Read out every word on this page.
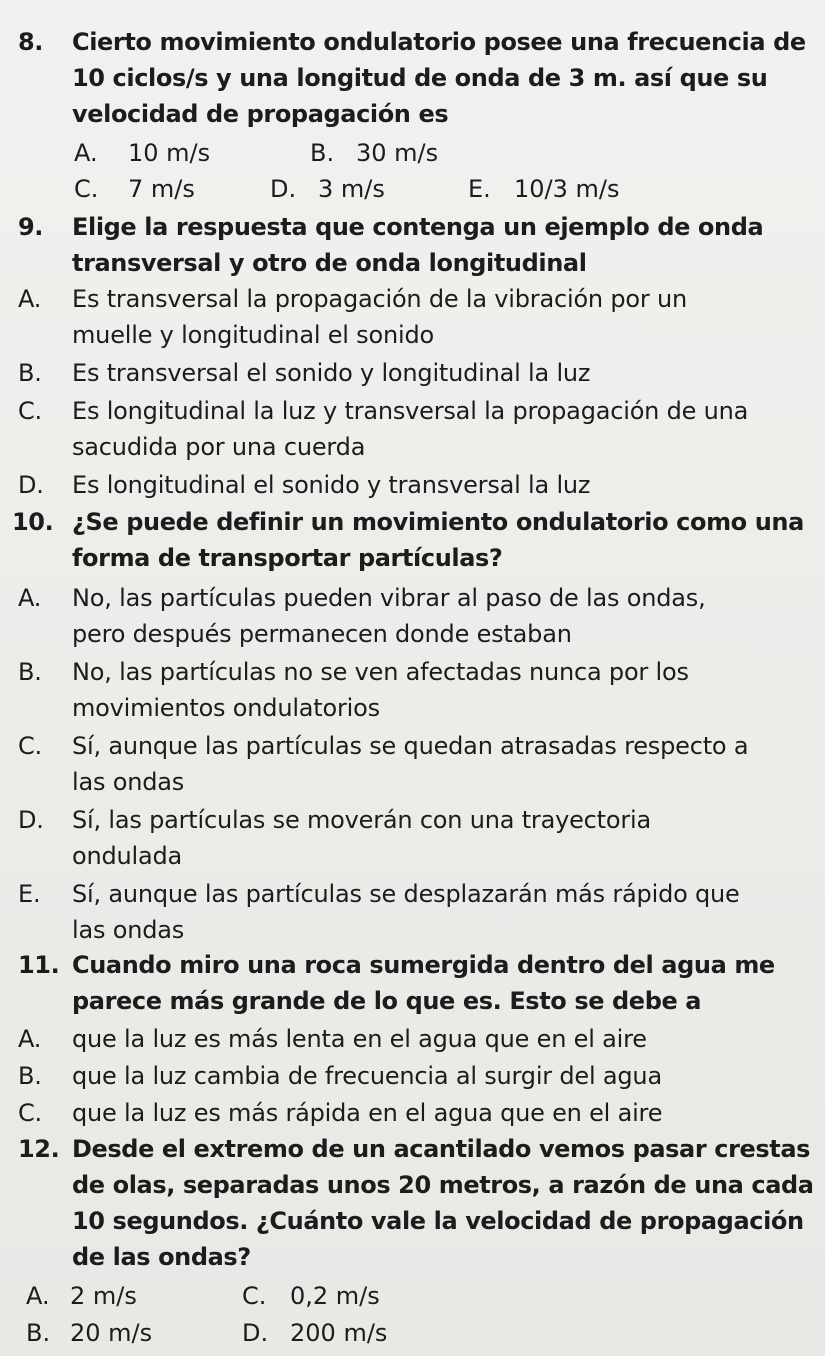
8. Cierto movimiento ondulatorio posee una frecuencia de
10 ciclos/s y una longitud de onda de 3 m. así que su
velocidad de propagación es
A. 10 m/s	B. 30 m/s
C. 7 m/s	D. 3 m/s	E. 10/3 m/s
9. Elige la respuesta que contenga un ejemplo de onda
transversal y otro de onda longitudinal
A. Es transversal la propagación de la vibración por un
muelle y longitudinal el sonido
B. Es transversal el sonido y longitudinal la luz
C. Es longitudinal la luz y transversal la propagación de una
sacudida por una cuerda
D. Es longitudinal el sonido y transversal la luz
10. ¿Se puede definir un movimiento ondulatorio como una
forma de transportar partículas?
A. No, las partículas pueden vibrar al paso de las ondas,
pero después permanecen donde estaban
B. No, las partículas no se ven afectadas nunca por los
movimientos ondulatorios
C. Sí, aunque las partículas se quedan atrasadas respecto a
las ondas
D. Sí, las partículas se moverán con una trayectoria
ondulada
E. Sí, aunque las partículas se desplazarán más rápido que
las ondas
11. Cuando miro una roca sumergida dentro del agua me
parece más grande de lo que es. Esto se debe a
A. que la luz es más lenta en el agua que en el aire
B. que la luz cambia de frecuencia al surgir del agua
C. que la luz es más rápida en el agua que en el aire
12. Desde el extremo de un acantilado vemos pasar crestas
de olas, separadas unos 20 metros, a razón de una cada
10 segundos. ¿Cuánto vale la velocidad de propagación
de las ondas?
A. 2 m/s	C. 0,2 m/s
B. 20 m/s	D. 200 m/s
